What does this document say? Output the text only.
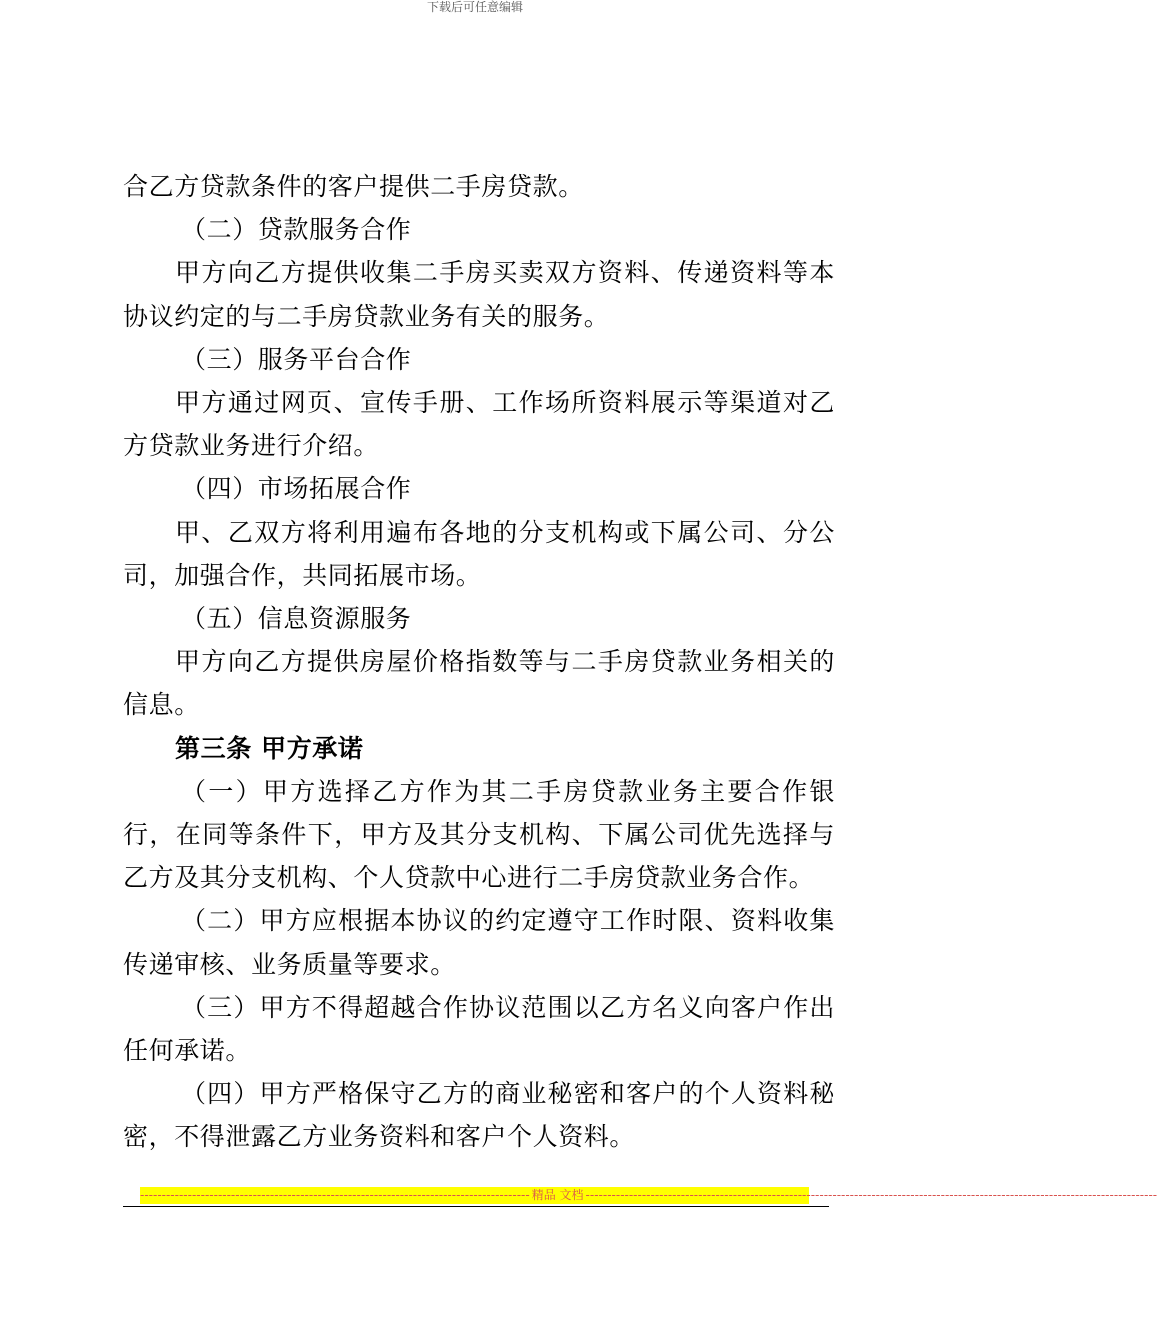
下载后可任意编辑

合乙方贷款条件的客户提供二手房贷款。

（二）贷款服务合作

甲方向乙方提供收集二手房买卖双方资料、传递资料等本协议约定的与二手房贷款业务有关的服务。

（三）服务平台合作

甲方通过网页、宣传手册、工作场所资料展示等渠道对乙方贷款业务进行介绍。

（四）市场拓展合作

甲、乙双方将利用遍布各地的分支机构或下属公司、分公司，加强合作，共同拓展市场。

（五）信息资源服务

甲方向乙方提供房屋价格指数等与二手房贷款业务相关的信息。

第三条 甲方承诺

（一）甲方选择乙方作为其二手房贷款业务主要合作银行，在同等条件下，甲方及其分支机构、下属公司优先选择与乙方及其分支机构、个人贷款中心进行二手房贷款业务合作。

（二）甲方应根据本协议的约定遵守工作时限、资料收集传递审核、业务质量等要求。

（三）甲方不得超越合作协议范围以乙方名义向客户作出任何承诺。

（四）甲方严格保守乙方的商业秘密和客户的个人资料秘密，不得泄露乙方业务资料和客户个人资料。

------------------------------------------------------------------------------------------ 精品 文档 ------------------------------------------------------------------------------------------------------------------------------------
